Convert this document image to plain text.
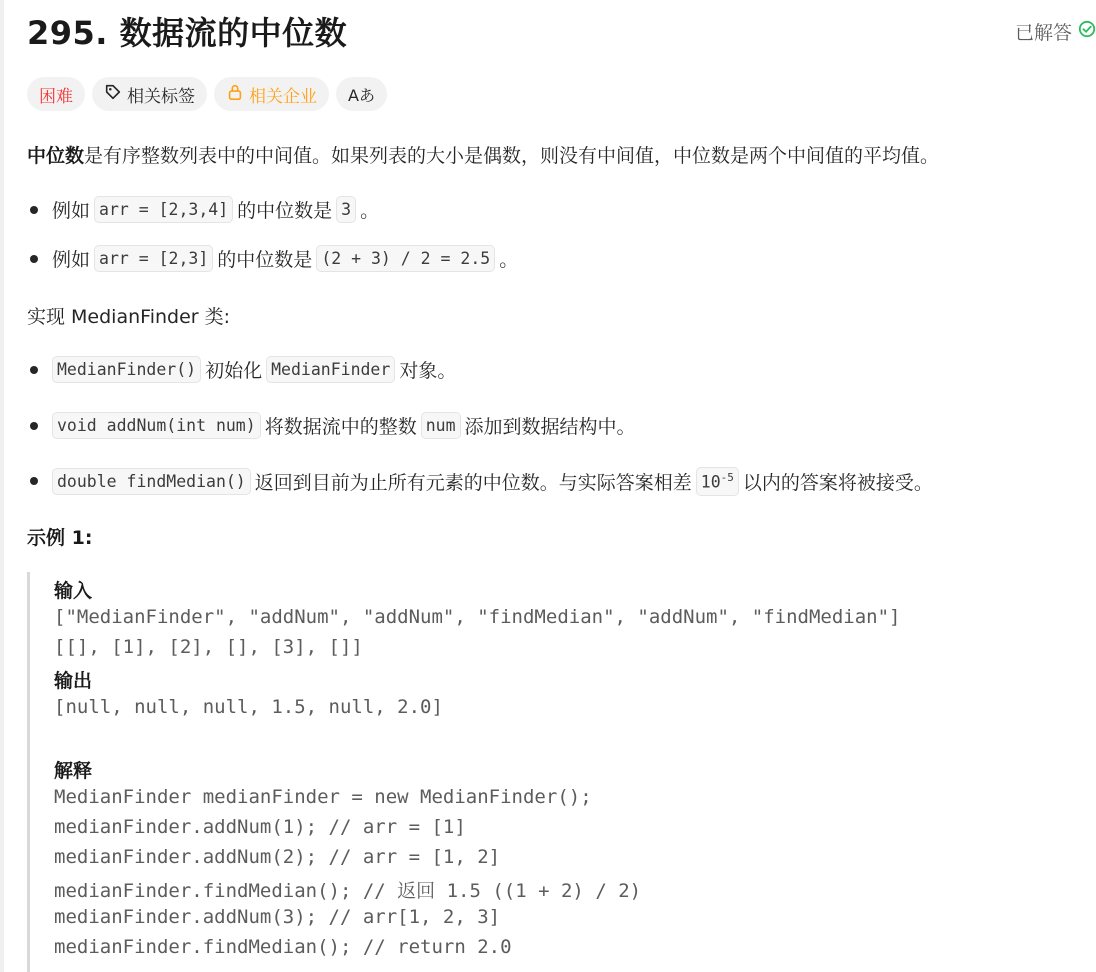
295. 数据流的中位数	已解答
困难	相关标签	相关企业 Aあ
中位数是有序整数列表中的中间值。如果列表的大小是偶数，则没有中间值，中位数是两个中间值的平均值。
例如 arr = [2,3,4] 的中位数是 3 。
例如 arr = [2,3] 的中位数是 (2 + 3) / 2 = 2.5 。
实现 MedianFinder 类:
MedianFinder() 初始化 MedianFinder 对象。
void addNum(int num) 将数据流中的整数 num 添加到数据结构中。
double findMedian() 返回到目前为止所有元素的中位数。与实际答案相差 $10^{-5}$ 以内的答案将被接受。
示例 1:
输入
["MedianFinder", "addNum", "addNum", "findMedian", "addNum", "findMedian"]
[[], [1], [2], [], [3], []]
输出
[null, null, null, 1.5, null, 2.0]
解释
MedianFinder medianFinder = new MedianFinder();
medianFinder.addNum(1); // arr = [1]
medianFinder.addNum(2); // arr = [1, 2]
medianFinder.findMedian(); // 返回 1.5 ((1 + 2) / 2)
medianFinder.addNum(3); // arr[1, 2, 3]
medianFinder.findMedian(); // return 2.0
